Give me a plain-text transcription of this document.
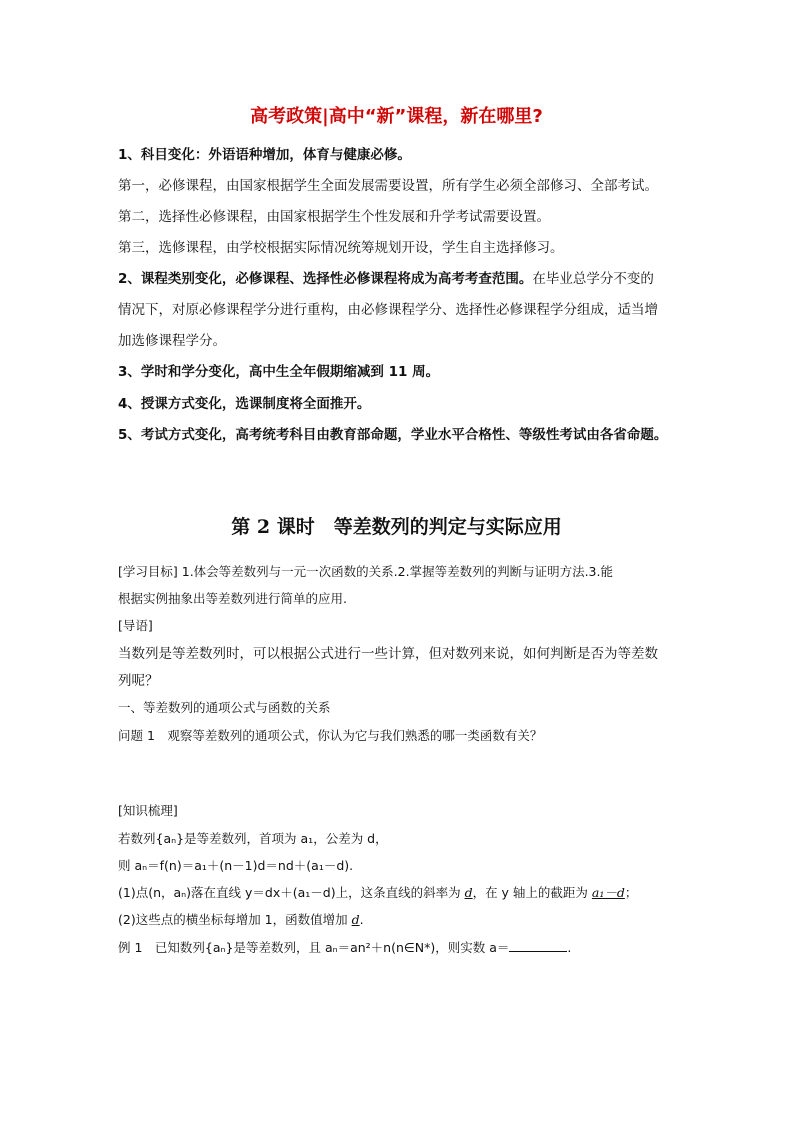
高考政策|高中“新”课程，新在哪里?
1、科目变化：外语语种增加，体育与健康必修。
第一，必修课程，由国家根据学生全面发展需要设置，所有学生必须全部修习、全部考试。
第二，选择性必修课程，由国家根据学生个性发展和升学考试需要设置。
第三，选修课程，由学校根据实际情况统筹规划开设，学生自主选择修习。
2、课程类别变化，必修课程、选择性必修课程将成为高考考查范围。在毕业总学分不变的
情况下，对原必修课程学分进行重构，由必修课程学分、选择性必修课程学分组成，适当增
加选修课程学分。
3、学时和学分变化，高中生全年假期缩减到 11 周。
4、授课方式变化，选课制度将全面推开。
5、考试方式变化，高考统考科目由教育部命题，学业水平合格性、等级性考试由各省命题。
第 2 课时　等差数列的判定与实际应用
[学习目标] 1.体会等差数列与一元一次函数的关系.2.掌握等差数列的判断与证明方法.3.能
根据实例抽象出等差数列进行简单的应用.
[导语]
当数列是等差数列时，可以根据公式进行一些计算，但对数列来说，如何判断是否为等差数
列呢？
一、等差数列的通项公式与函数的关系
问题 1　观察等差数列的通项公式，你认为它与我们熟悉的哪一类函数有关？
[知识梳理]
若数列{aₙ}是等差数列，首项为 a₁，公差为 d，
则 aₙ＝f(n)＝a₁＋(n－1)d＝nd＋(a₁－d).
(1)点(n，aₙ)落在直线 y＝dx＋(a₁－d)上，这条直线的斜率为 d，在 y 轴上的截距为 a₁－d；
(2)这些点的横坐标每增加 1，函数值增加 d.
例 1　已知数列{aₙ}是等差数列，且 aₙ＝an²＋n(n∈N*)，则实数 a＝	.
